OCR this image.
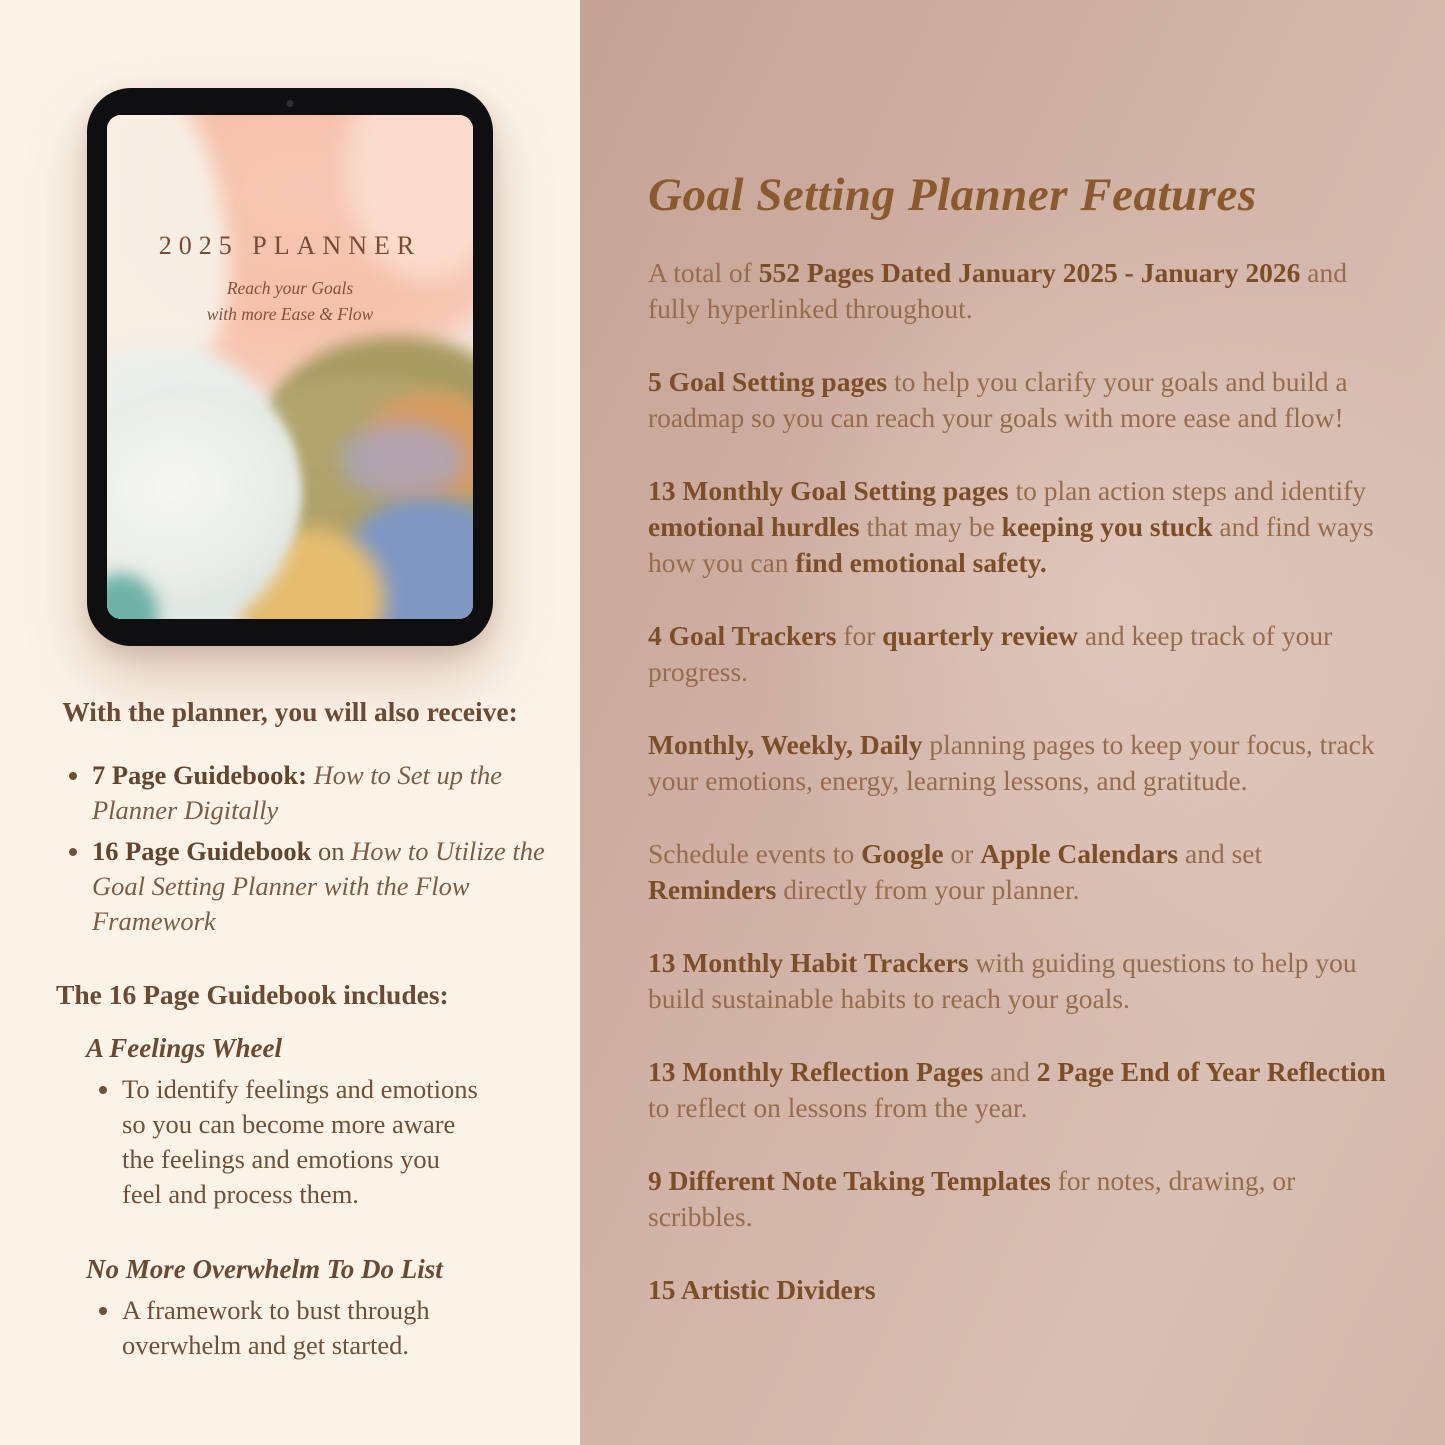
2025 PLANNER
Reach your Goals
with more Ease & Flow
With the planner, you will also receive:
• 7 Page Guidebook: How to Set up the Planner Digitally
• 16 Page Guidebook on How to Utilize the Goal Setting Planner with the Flow Framework
The 16 Page Guidebook includes:
A Feelings Wheel
• To identify feelings and emotions so you can become more aware the feelings and emotions you feel and process them.
No More Overwhelm To Do List
• A framework to bust through overwhelm and get started.
Goal Setting Planner Features

A total of 552 Pages Dated January 2025 - January 2026 and fully hyperlinked throughout.

5 Goal Setting pages to help you clarify your goals and build a roadmap so you can reach your goals with more ease and flow!

13 Monthly Goal Setting pages to plan action steps and identify emotional hurdles that may be keeping you stuck and find ways how you can find emotional safety.

4 Goal Trackers for quarterly review and keep track of your progress.

Monthly, Weekly, Daily planning pages to keep your focus, track your emotions, energy, learning lessons, and gratitude.

Schedule events to Google or Apple Calendars and set Reminders directly from your planner.

13 Monthly Habit Trackers with guiding questions to help you build sustainable habits to reach your goals.

13 Monthly Reflection Pages and 2 Page End of Year Reflection to reflect on lessons from the year.

9 Different Note Taking Templates for notes, drawing, or scribbles.

15 Artistic Dividers
